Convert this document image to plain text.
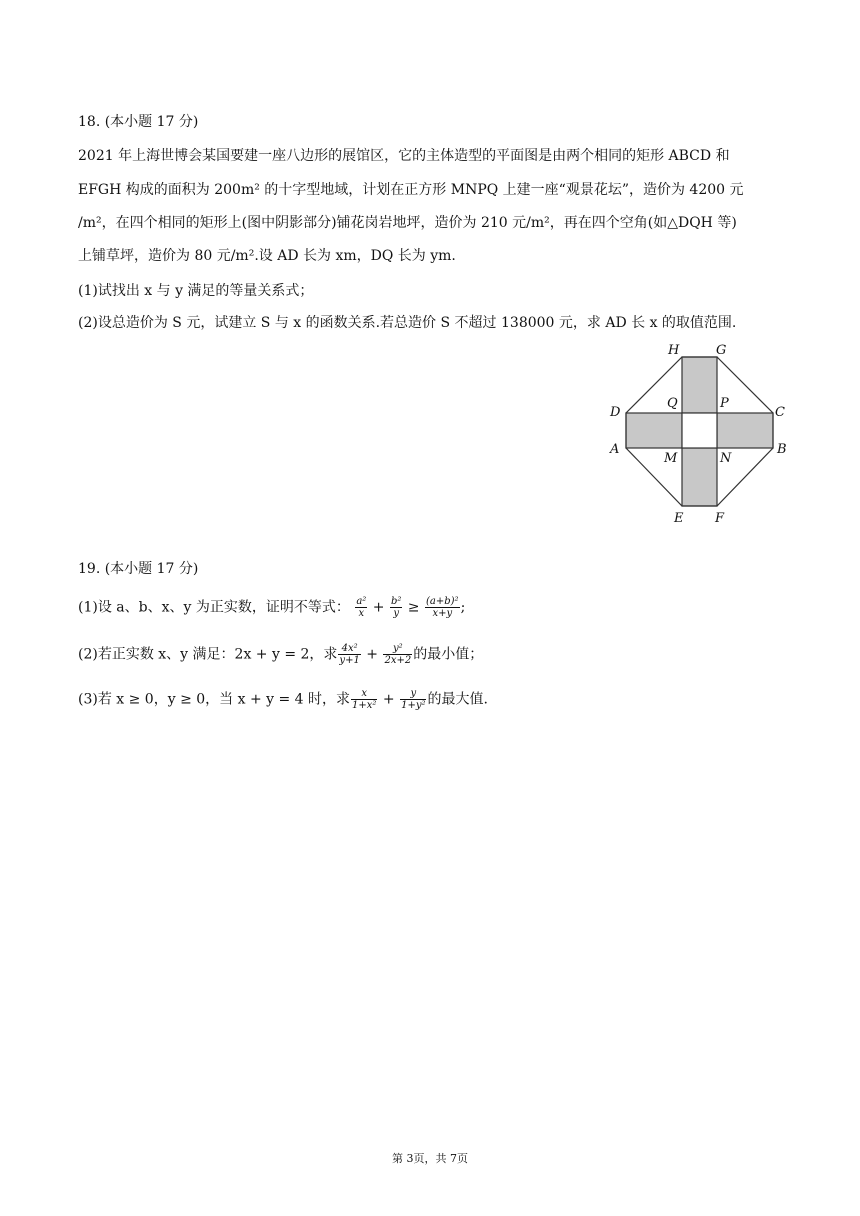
18. (本小题 17 分)
2021 年上海世博会某国要建一座八边形的展馆区，它的主体造型的平面图是由两个相同的矩形 ABCD 和
EFGH 构成的面积为 200m² 的十字型地域，计划在正方形 MNPQ 上建一座“观景花坛”，造价为 4200 元
/m²，在四个相同的矩形上(图中阴影部分)铺花岗岩地坪，造价为 210 元/m²，再在四个空角(如△DQH 等)
上铺草坪，造价为 80 元/m².设 AD 长为 xm，DQ 长为 ym.
(1)试找出 x 与 y 满足的等量关系式；
(2)设总造价为 S 元，试建立 S 与 x 的函数关系.若总造价 S 不超过 138000 元，求 AD 长 x 的取值范围.
H	G
D
Q	P
C
A
M	N
B
E F
19. (本小题 17 分)
(1)设 a、b、x、y 为正实数，证明不等式： $\frac{\text{a²}}{x} + \frac{\text{b²}}{y} \ge \frac{\text{(a+b)²}}{x+y}$ ;
(2)若正实数 x、y 满足：2x + y = 2，求 $\frac{\text{4x²}}{y+1} + \frac{\text{y²}}{2x+2}$ 的最小值；
(3)若 x ≥ 0，y ≥ 0，当 x + y = 4 时，求 $\frac{x}{\text{1+x²}} + \frac{y}{\text{1+y²}}$ 的最大值.
第 3页，共 7页
